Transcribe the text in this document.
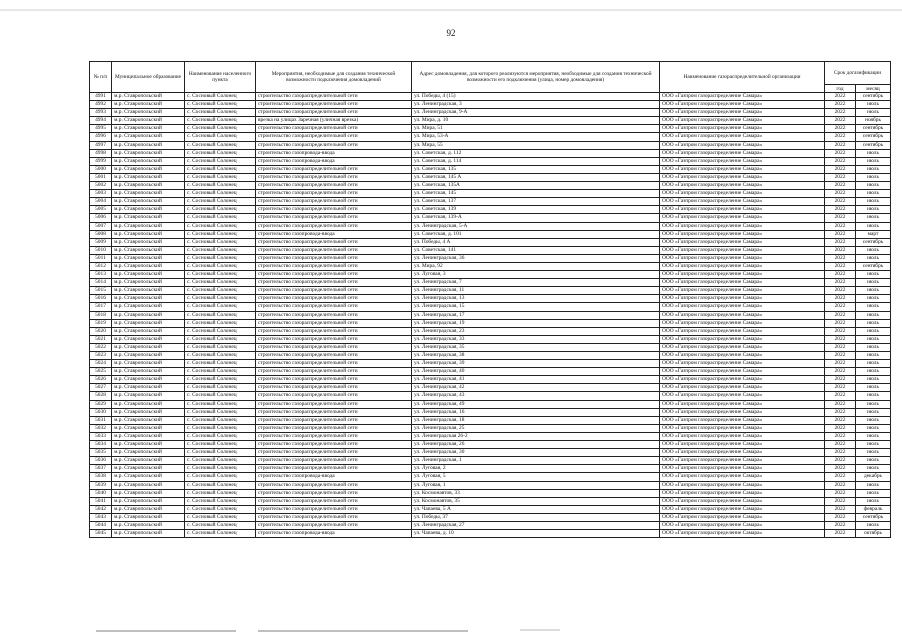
92
№ п/п	Муниципальное образование	Наименование населенного пункта	Мероприятия, необходимые для создания технической возможности подключения домовладений	Адрес домовладения, для которого реализуются мероприятия, необходимые для создания технической возможности его подключения (улица, номер домовладения)	Наименование газораспределительной организации	Срок догазификации	
						год	месяц
4991	м.р. Ставропольский	с. Сосновый Солонец	строительство газораспределительной сети	ул. Победы, 4 (15)	ООО «Газпром газораспределение Самара»	2022	сентябрь
4992	м.р. Ставропольский	с. Сосновый Солонец	строительство газораспределительной сети	ул. Ленинградская, 3	ООО «Газпром газораспределение Самара»	2022	июль
4993	м.р. Ставропольский	с. Сосновый Солонец	строительство газораспределительной сети	ул. Ленинградская, 9-А	ООО «Газпром газораспределение Самара»	2022	июль
4994	м.р. Ставропольский	с. Сосновый Солонец	врезка на улицах Заречная (уличная врезка)	ул. Мира, д. 10	ООО «Газпром газораспределение Самара»	2022	ноябрь
4995	м.р. Ставропольский	с. Сосновый Солонец	строительство газораспределительной сети	ул. Мира, 51	ООО «Газпром газораспределение Самара»	2022	сентябрь
4996	м.р. Ставропольский	с. Сосновый Солонец	строительство газораспределительной сети	ул. Мира, 53-А	ООО «Газпром газораспределение Самара»	2022	сентябрь
4997	м.р. Ставропольский	с. Сосновый Солонец	строительство газораспределительной сети	ул. Мира, 55	ООО «Газпром газораспределение Самара»	2022	сентябрь
4998	м.р. Ставропольский	с. Сосновый Солонец	строительство газопровода-ввода	ул. Советская, д. 112	ООО «Газпром газораспределение Самара»	2022	июль
4999	м.р. Ставропольский	с. Сосновый Солонец	строительство газопровода-ввода	ул. Советская, д. 114	ООО «Газпром газораспределение Самара»	2022	июль
5000	м.р. Ставропольский	с. Сосновый Солонец	строительство газораспределительной сети	ул. Советская, 135	ООО «Газпром газораспределение Самара»	2022	июль
5001	м.р. Ставропольский	с. Сосновый Солонец	строительство газораспределительной сети	ул. Советская, 145 А	ООО «Газпром газораспределение Самара»	2022	июль
5002	м.р. Ставропольский	с. Сосновый Солонец	строительство газораспределительной сети	ул. Советская, 135А	ООО «Газпром газораспределение Самара»	2022	июль
5003	м.р. Ставропольский	с. Сосновый Солонец	строительство газораспределительной сети	ул. Советская, 145	ООО «Газпром газораспределение Самара»	2022	июль
5004	м.р. Ставропольский	с. Сосновый Солонец	строительство газораспределительной сети	ул. Советская, 137	ООО «Газпром газораспределение Самара»	2022	июль
5005	м.р. Ставропольский	с. Сосновый Солонец	строительство газораспределительной сети	ул. Советская, 139	ООО «Газпром газораспределение Самара»	2022	июль
5006	м.р. Ставропольский	с. Сосновый Солонец	строительство газораспределительной сети	ул. Советская, 139-А	ООО «Газпром газораспределение Самара»	2022	июль
5007	м.р. Ставропольский	с. Сосновый Солонец	строительство газораспределительной сети	ул. Ленинградская, 5-А	ООО «Газпром газораспределение Самара»	2022	июль
5008	м.р. Ставропольский	с. Сосновый Солонец	строительство газопровода-ввода	ул. Советская, д. 101	ООО «Газпром газораспределение Самара»	2022	март
5009	м.р. Ставропольский	с. Сосновый Солонец	строительство газораспределительной сети	ул. Победы, 4 А	ООО «Газпром газораспределение Самара»	2022	сентябрь
5010	м.р. Ставропольский	с. Сосновый Солонец	строительство газораспределительной сети	ул. Советская, 141	ООО «Газпром газораспределение Самара»	2022	июль
5011	м.р. Ставропольский	с. Сосновый Солонец	строительство газораспределительной сети	ул. Ленинградская, 36	ООО «Газпром газораспределение Самара»	2022	июль
5012	м.р. Ставропольский	с. Сосновый Солонец	строительство газораспределительной сети	ул. Мира, 92	ООО «Газпром газораспределение Самара»	2022	сентябрь
5013	м.р. Ставропольский	с. Сосновый Солонец	строительство газораспределительной сети	ул. Луговая, 3	ООО «Газпром газораспределение Самара»	2022	июль
5014	м.р. Ставропольский	с. Сосновый Солонец	строительство газораспределительной сети	ул. Ленинградская, 7	ООО «Газпром газораспределение Самара»	2022	июль
5015	м.р. Ставропольский	с. Сосновый Солонец	строительство газораспределительной сети	ул. Ленинградская, 11	ООО «Газпром газораспределение Самара»	2022	июль
5016	м.р. Ставропольский	с. Сосновый Солонец	строительство газораспределительной сети	ул. Ленинградская, 13	ООО «Газпром газораспределение Самара»	2022	июль
5017	м.р. Ставропольский	с. Сосновый Солонец	строительство газораспределительной сети	ул. Ленинградская, 15	ООО «Газпром газораспределение Самара»	2022	июль
5018	м.р. Ставропольский	с. Сосновый Солонец	строительство газораспределительной сети	ул. Ленинградская, 17	ООО «Газпром газораспределение Самара»	2022	июль
5019	м.р. Ставропольский	с. Сосновый Солонец	строительство газораспределительной сети	ул. Ленинградская, 19	ООО «Газпром газораспределение Самара»	2022	июль
5020	м.р. Ставропольский	с. Сосновый Солонец	строительство газораспределительной сети	ул. Ленинградская, 23	ООО «Газпром газораспределение Самара»	2022	июль
5021	м.р. Ставропольский	с. Сосновый Солонец	строительство газораспределительной сети	ул. Ленинградская, 33	ООО «Газпром газораспределение Самара»	2022	июль
5022	м.р. Ставропольский	с. Сосновый Солонец	строительство газораспределительной сети	ул. Ленинградская, 35	ООО «Газпром газораспределение Самара»	2022	июль
5023	м.р. Ставропольский	с. Сосновый Солонец	строительство газораспределительной сети	ул. Ленинградская, 38	ООО «Газпром газораспределение Самара»	2022	июль
5024	м.р. Ставропольский	с. Сосновый Солонец	строительство газораспределительной сети	ул. Ленинградская, 39	ООО «Газпром газораспределение Самара»	2022	июль
5025	м.р. Ставропольский	с. Сосновый Солонец	строительство газораспределительной сети	ул. Ленинградская, 40	ООО «Газпром газораспределение Самара»	2022	июль
5026	м.р. Ставропольский	с. Сосновый Солонец	строительство газораспределительной сети	ул. Ленинградская, 41	ООО «Газпром газораспределение Самара»	2022	июль
5027	м.р. Ставропольский	с. Сосновый Солонец	строительство газораспределительной сети	ул. Ленинградская, 42	ООО «Газпром газораспределение Самара»	2022	июль
5028	м.р. Ставропольский	с. Сосновый Солонец	строительство газораспределительной сети	ул. Ленинградская, 43	ООО «Газпром газораспределение Самара»	2022	июль
5029	м.р. Ставропольский	с. Сосновый Солонец	строительство газораспределительной сети	ул. Ленинградская, 49	ООО «Газпром газораспределение Самара»	2022	июль
5030	м.р. Ставропольский	с. Сосновый Солонец	строительство газораспределительной сети	ул. Ленинградская, 16	ООО «Газпром газораспределение Самара»	2022	июль
5031	м.р. Ставропольский	с. Сосновый Солонец	строительство газораспределительной сети	ул. Ленинградская, 18	ООО «Газпром газораспределение Самара»	2022	июль
5032	м.р. Ставропольский	с. Сосновый Солонец	строительство газораспределительной сети	ул. Ленинградская, 25	ООО «Газпром газораспределение Самара»	2022	июль
5033	м.р. Ставропольский	с. Сосновый Солонец	строительство газораспределительной сети	ул. Ленинградская 26-2	ООО «Газпром газораспределение Самара»	2022	июль
5034	м.р. Ставропольский	с. Сосновый Солонец	строительство газораспределительной сети	ул. Ленинградская, 26	ООО «Газпром газораспределение Самара»	2022	июль
5035	м.р. Ставропольский	с. Сосновый Солонец	строительство газораспределительной сети	ул. Ленинградская, 30	ООО «Газпром газораспределение Самара»	2022	июль
5036	м.р. Ставропольский	с. Сосновый Солонец	строительство газораспределительной сети	ул. Ленинградская, 1	ООО «Газпром газораспределение Самара»	2022	июль
5037	м.р. Ставропольский	с. Сосновый Солонец	строительство газораспределительной сети	ул. Луговая, 2	ООО «Газпром газораспределение Самара»	2022	июль
5038	м.р. Ставропольский	с. Сосновый Солонец	строительство газопровода-ввода	ул. Луговая, 5	ООО «Газпром газораспределение Самара»	2022	декабрь
5039	м.р. Ставропольский	с. Сосновый Солонец	строительство газораспределительной сети	ул. Луговая, 1	ООО «Газпром газораспределение Самара»	2022	июль
5040	м.р. Ставропольский	с. Сосновый Солонец	строительство газораспределительной сети	ул. Космонавтов, 33	ООО «Газпром газораспределение Самара»	2022	июль
5041	м.р. Ставропольский	с. Сосновый Солонец	строительство газораспределительной сети	ул. Космонавтов, 35	ООО «Газпром газораспределение Самара»	2022	июль
5042	м.р. Ставропольский	с. Сосновый Солонец	строительство газораспределительной сети	ул. Чапаева, 5 А	ООО «Газпром газораспределение Самара»	2022	февраль
5043	м.р. Ставропольский	с. Сосновый Солонец	строительство газораспределительной сети	ул. Победы, 37	ООО «Газпром газораспределение Самара»	2022	сентябрь
5044	м.р. Ставропольский	с. Сосновый Солонец	строительство газораспределительной сети	ул. Ленинградская, 27	ООО «Газпром газораспределение Самара»	2022	июль
5045	м.р. Ставропольский	с. Сосновый Солонец	строительство газопровода-ввода	ул. Чапаева, д. 10	ООО «Газпром газораспределение Самара»	2022	октябрь
